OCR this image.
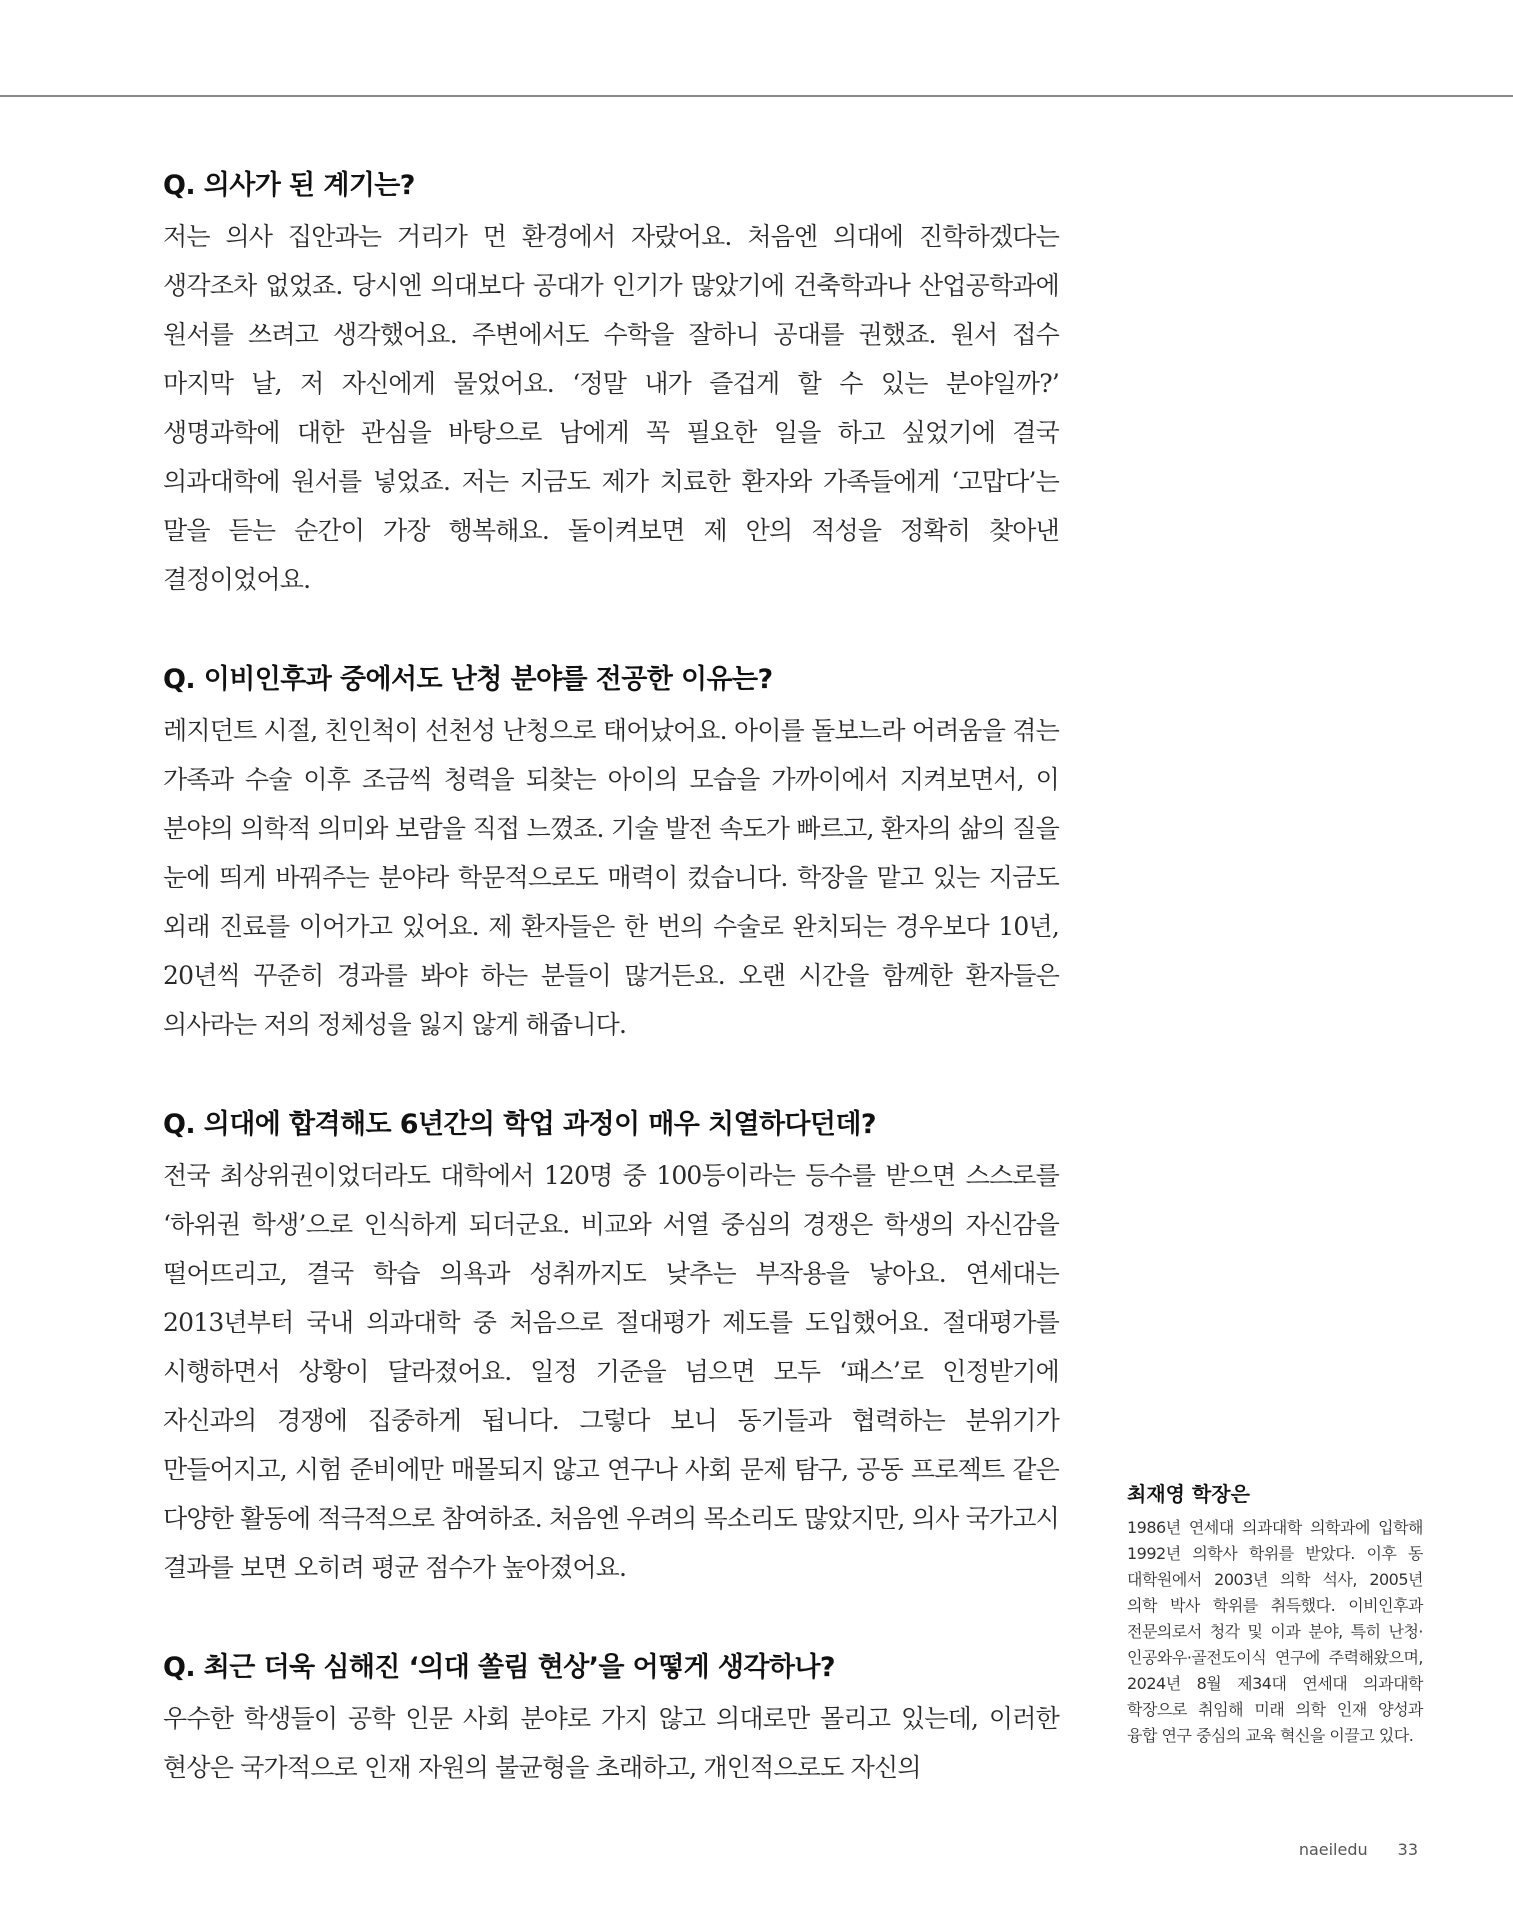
Q. 의사가 된 계기는?

저는 의사 집안과는 거리가 먼 환경에서 자랐어요. 처음엔 의대에 진학하겠다는 생각조차 없었죠. 당시엔 의대보다 공대가 인기가 많았기에 건축학과나 산업공학과에 원서를 쓰려고 생각했어요. 주변에서도 수학을 잘하니 공대를 권했죠. 원서 접수 마지막 날, 저 자신에게 물었어요. ‘정말 내가 즐겁게 할 수 있는 분야일까?’ 생명과학에 대한 관심을 바탕으로 남에게 꼭 필요한 일을 하고 싶었기에 결국 의과대학에 원서를 넣었죠. 저는 지금도 제가 치료한 환자와 가족들에게 ‘고맙다’는 말을 듣는 순간이 가장 행복해요. 돌이켜보면 제 안의 적성을 정확히 찾아낸 결정이었어요.

Q. 이비인후과 중에서도 난청 분야를 전공한 이유는?

레지던트 시절, 친인척이 선천성 난청으로 태어났어요. 아이를 돌보느라 어려움을 겪는 가족과 수술 이후 조금씩 청력을 되찾는 아이의 모습을 가까이에서 지켜보면서, 이 분야의 의학적 의미와 보람을 직접 느꼈죠. 기술 발전 속도가 빠르고, 환자의 삶의 질을 눈에 띄게 바꿔주는 분야라 학문적으로도 매력이 컸습니다. 학장을 맡고 있는 지금도 외래 진료를 이어가고 있어요. 제 환자들은 한 번의 수술로 완치되는 경우보다 10년, 20년씩 꾸준히 경과를 봐야 하는 분들이 많거든요. 오랜 시간을 함께한 환자들은 의사라는 저의 정체성을 잃지 않게 해줍니다.

Q. 의대에 합격해도 6년간의 학업 과정이 매우 치열하다던데?

전국 최상위권이었더라도 대학에서 120명 중 100등이라는 등수를 받으면 스스로를 ‘하위권 학생’으로 인식하게 되더군요. 비교와 서열 중심의 경쟁은 학생의 자신감을 떨어뜨리고, 결국 학습 의욕과 성취까지도 낮추는 부작용을 낳아요. 연세대는 2013년부터 국내 의과대학 중 처음으로 절대평가 제도를 도입했어요. 절대평가를 시행하면서 상황이 달라졌어요. 일정 기준을 넘으면 모두 ‘패스’로 인정받기에 자신과의 경쟁에 집중하게 됩니다. 그렇다 보니 동기들과 협력하는 분위기가 만들어지고, 시험 준비에만 매몰되지 않고 연구나 사회 문제 탐구, 공동 프로젝트 같은 다양한 활동에 적극적으로 참여하죠. 처음엔 우려의 목소리도 많았지만, 의사 국가고시 결과를 보면 오히려 평균 점수가 높아졌어요.

Q. 최근 더욱 심해진 ‘의대 쏠림 현상’을 어떻게 생각하나?

우수한 학생들이 공학 인문 사회 분야로 가지 않고 의대로만 몰리고 있는데, 이러한 현상은 국가적으로 인재 자원의 불균형을 초래하고, 개인적으로도 자신의

최재영 학장은

1986년 연세대 의과대학 의학과에 입학해 1992년 의학사 학위를 받았다. 이후 동 대학원에서 2003년 의학 석사, 2005년 의학 박사 학위를 취득했다. 이비인후과 전문의로서 청각 및 이과 분야, 특히 난청·인공와우·골전도이식 연구에 주력해왔으며, 2024년 8월 제34대 연세대 의과대학 학장으로 취임해 미래 의학 인재 양성과 융합 연구 중심의 교육 혁신을 이끌고 있다.

naeiledu 33
